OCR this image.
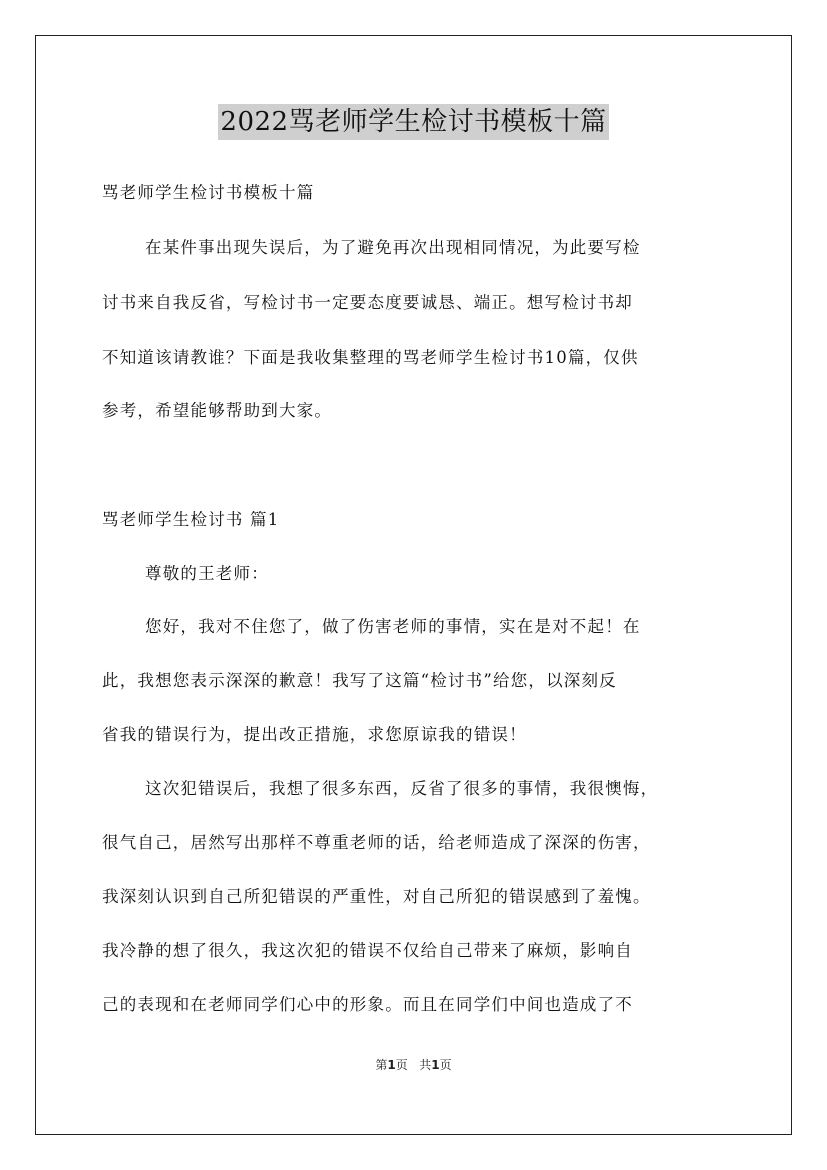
2022骂老师学生检讨书模板十篇
骂老师学生检讨书模板十篇
在某件事出现失误后，为了避免再次出现相同情况，为此要写检
讨书来自我反省，写检讨书一定要态度要诚恳、端正。想写检讨书却
不知道该请教谁？下面是我收集整理的骂老师学生检讨书10篇，仅供
参考，希望能够帮助到大家。
骂老师学生检讨书 篇1
尊敬的王老师：
您好，我对不住您了，做了伤害老师的事情，实在是对不起！在
此，我想您表示深深的歉意！我写了这篇“检讨书”给您，以深刻反
省我的错误行为，提出改正措施，求您原谅我的错误！
这次犯错误后，我想了很多东西，反省了很多的事情，我很懊悔，
很气自己，居然写出那样不尊重老师的话，给老师造成了深深的伤害，
我深刻认识到自己所犯错误的严重性，对自己所犯的错误感到了羞愧。
我冷静的想了很久，我这次犯的错误不仅给自己带来了麻烦，影响自
己的表现和在老师同学们心中的形象。而且在同学们中间也造成了不
第1页 共1页
